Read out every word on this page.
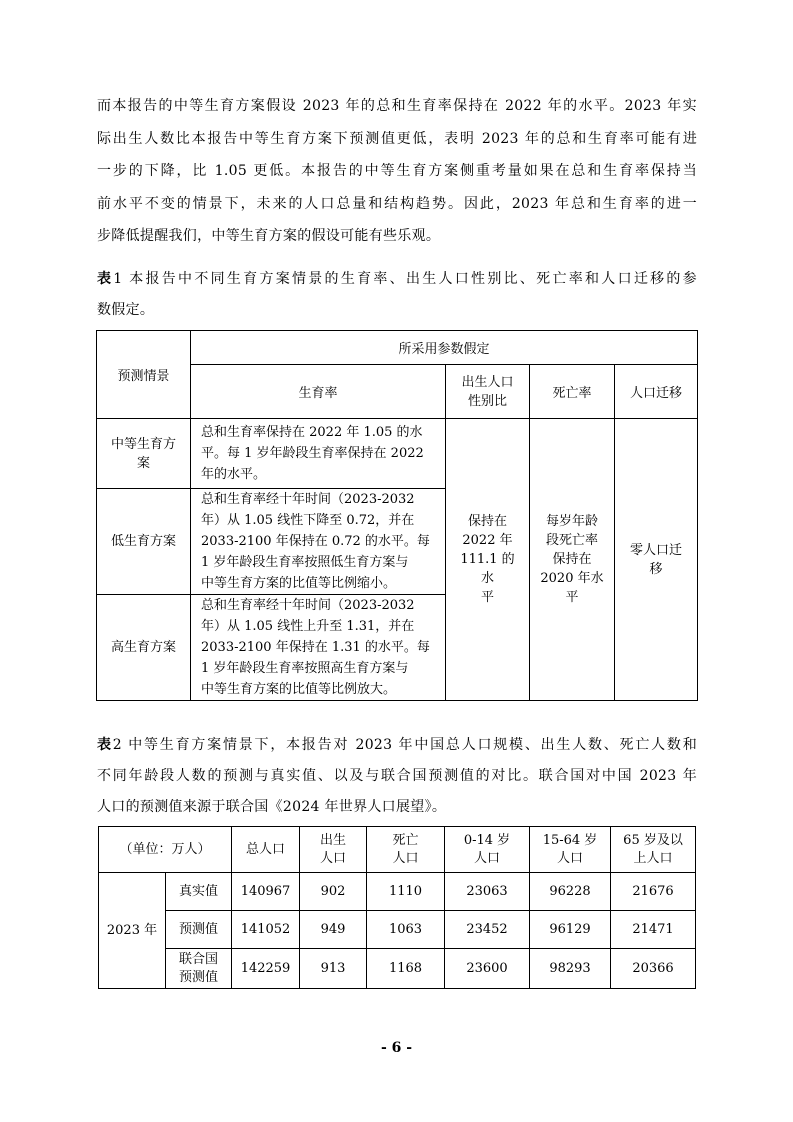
而本报告的中等生育方案假设 2023 年的总和生育率保持在 2022 年的水平。2023 年实

际出生人数比本报告中等生育方案下预测值更低，表明 2023 年的总和生育率可能有进

一步的下降，比 1.05 更低。本报告的中等生育方案侧重考量如果在总和生育率保持当

前水平不变的情景下，未来的人口总量和结构趋势。因此，2023 年总和生育率的进一

步降低提醒我们，中等生育方案的假设可能有些乐观。

表1 本报告中不同生育方案情景的生育率、出生人口性别比、死亡率和人口迁移的参

数假定。

预测情景	所采用参数假定			
	生育率	出生人口
性别比	死亡率	人口迁移
中等生育方
案	总和生育率保持在 2022 年 1.05 的水
平。每 1 岁年龄段生育率保持在 2022
年的水平。	保持在
2022 年
111.1 的水
平	每岁年龄
段死亡率
保持在
2020 年水
平	零人口迁
移
低生育方案	总和生育率经十年时间（2023-2032
年）从 1.05 线性下降至 0.72，并在
2033-2100 年保持在 0.72 的水平。每
1 岁年龄段生育率按照低生育方案与
中等生育方案的比值等比例缩小。			
高生育方案	总和生育率经十年时间（2023-2032
年）从 1.05 线性上升至 1.31，并在
2033-2100 年保持在 1.31 的水平。每
1 岁年龄段生育率按照高生育方案与
中等生育方案的比值等比例放大。			

表2 中等生育方案情景下，本报告对 2023 年中国总人口规模、出生人数、死亡人数和

不同年龄段人数的预测与真实值、以及与联合国预测值的对比。联合国对中国 2023 年

人口的预测值来源于联合国《2024 年世界人口展望》。

（单位：万人）		总人口	出生
人口	死亡
人口	0-14 岁
人口	15-64 岁
人口	65 岁及以
上人口
2023 年	真实值	140967	902	1110	23063	96228	21676
	预测值	141052	949	1063	23452	96129	21471
	联合国
预测值	142259	913	1168	23600	98293	20366
- 6 -
